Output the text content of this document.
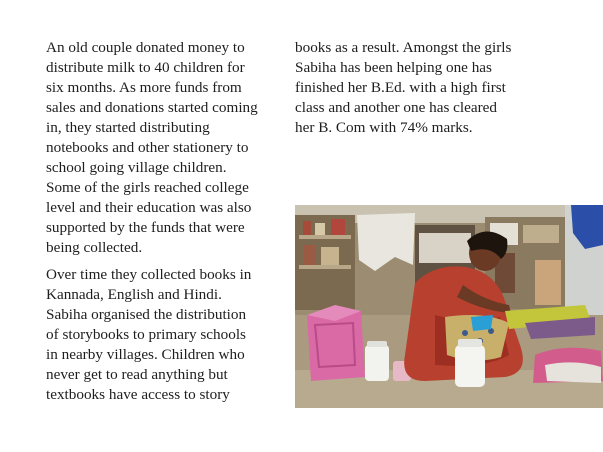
An old couple donated money to
distribute milk to 40 children for
six months. As more funds from
sales and donations started coming
in, they started distributing
notebooks and other stationery to
school going village children.
Some of the girls reached college
level and their education was also
supported by the funds that were
being collected.

Over time they collected books in
Kannada, English and Hindi.
Sabiha organised the distribution
of storybooks to primary schools
in nearby villages. Children who
never get to read anything but
textbooks have access to story

books as a result. Amongst the girls
Sabiha has been helping one has
finished her B.Ed. with a high first
class and another one has cleared
her B. Com with 74% marks.
